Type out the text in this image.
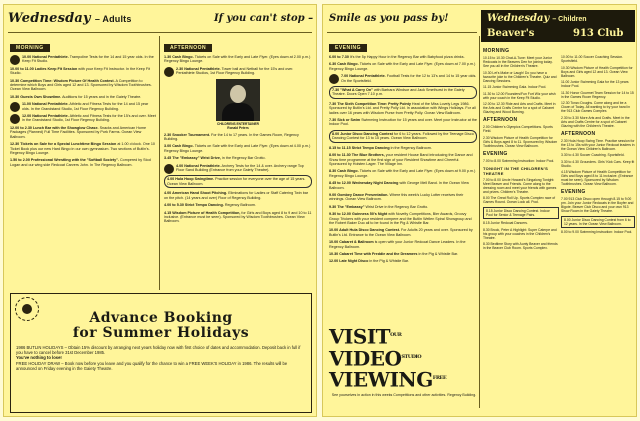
Wednesday – Adults	If you can't stop –
MORNING
10.00 National Pentathlete. Trampoline Tests for the 14 and 15 year olds. In the Keep Fit Studio.
10.00 to 11.00 Ladies Keep Fit Session with your Keep Fit Instructor. In the Keep Fit Studio.
10.30 Competition Time: Wisdom Picture Of Health Contest. A Competition to determine which Boys and Girls aged 12 and 13. Sponsored by Wisdom Toothbrushes. Ocean View Ballroom.
10.30 Guests Own Showtime. Auditions for 15 years and in the Gaiety Theatre.
11.00 National Pentathlete. Athletic and Fitness Tests for the 14 and 15 year olds. In the Grandstand Studio, 1st Floor Regency Building.
12.00 National Pentathlete. Athletic and Fitness Tests for the 15's and over. Meet in the Grandstand Studio, 1st Floor Regency Building.
12.00 to 2.30 Lunch Bar with the Showglow Chase. Snacks and American Home Packages (Planned) Full Time Facilities. Sponsored by Pork Farms. Ocean View Ballroom.
12.30 Tickets on Sale for a Special Lunchtime Bingo Session at 1.00 o'clock. One 10 Ticket Book plus our new Hard Bingo in our own gymnasium. Two sections of Butlin's. Regency Bingo Lounge.
1.50 to 2.00 Professional Wrestling with the "Softball Society". Compered by Stod Logan and our wing side Redcoat Carvers John. In The Regency Ballroom.
AFTERNOON
1.30 Cash Bingo. Tickets on Sale with the Early and Late Flyer. (Eyes down at 2.00 p.m.) Regency Bingo Lounge.
2.30 National Pentathlete. Tower ball and Netball for the 15's and over. Pentathlete Studios, 1st Floor Regency Building.
CHILDRENS ENTERTAINER
Ronald Peters
2.30 Snooker Tournament. For the 14 to 17 years. In the Games Room, Regency Building.
3.00 Cash Bingo. Tickets on Sale with the Early and Late Flyer. (Eyes down at 4.00 p.m.) Regency Bingo Lounge.
3.45 The "Embassy" Wrist Drive, in the Regency Bar Grotto.
4.00 National Pentathlete. Archery Tests for the 14 & over. Archery range Top Floor Sand Building (Entrance from your Gaiety Theatre).
4.00 Hula Hoop Swingtime. Practice session for everyone over the age of 15 years. Ocean View Ballroom.
4.00 American Hand Shoot Pitching. Eliminations for Ladies or Staff Catering Twin bar on the pitch. (14 years and over) Floor of Regency Building.
4.00 to 5.30 Strict Tempo Dancing. Regency Ballroom.
4.15 Wisdom Picture of Health Competition, for Girls and Boys aged 8 to 9 and 10 to 11 inclusive. (Entrance must be seen). Sponsored by Wisdom Toothbrushes. Ocean View Ballroom.
Advance Booking
for Summer Holidays
1986 BUTLIN HOLIDAYS – Obtain 15% discount by arranging next years holiday now with first choice of dates and accommodation. Deposit back in full if you have to cancel before 31st December 1985.
You've nothing to lose!
FREE HOLIDAY DRAW – Book now before you leave and you qualify for the chance to win a FREE WEEK'S HOLIDAY in 1986. The results will be announced on Friday evening in the Gaiety Theatre.
Smile as you pass by!
EVENING
6.00 to 7.30 It's the 5p Happy Hour in the Regency Bar with Babyfood pizza drinks.
6.30 Cash Bingo. Tickets on Sale with the Early and Late Flyer. (Eyes down at 7.00 p.m.) Regency Bingo Lounge.
7.00 National Pentathlete. Football Tests for the 12 to 13's and 14 to 15 year olds. On the Sportsfield.
7.30 "What A Carry On" with Barbara Windsor and Jack Smethurst in the Gaiety Theatre. Doors Open 7.10 p.m.
7.30 The Sixth Competition Time: Pretty Pointy Heat of the Miss Lovely Legs 1986. Sponsored by Butlin's Ltd. and Pretty Polly Ltd. In association with Wings Holidays. For all ladies over 16 years with Wisdom Purse from Pretty Polly. Ocean View Ballroom.
7.30 Sick or Swim Swimming Instruction for 15 years and over. Meet your Instructor at the Indoor Pool.
8.00 Junior Disco Dancing Contest for 6 to 12 years. Followed by the Teenage Disco Dancing Contest for 13 to 15 years. Ocean View Ballroom.
8.15 to 11.15 Strict Tempo Dancing in the Regency Ballroom.
8.00 to 11.30 The Blue Brothers, your resident House Band introducing the Dance and Show time programme at the first sign of your Resident Showtime and Cheerful. Sponsored by Holsten Lager. The Village Inn.
8.30 Cash Bingo. Tickets on Sale with the Early and Late Flyer. (Eyes down at 9.00 p.m.) Regency Bingo Lounge.
8.45 to 12.00 Wednesday Night Dancing with George Mell Band. In the Ocean View Ballroom.
9.00 Gombey Dance Presentation. Where this week's Lucky Lotter receives their winnings. Ocean View Ballroom.
9.30 The "Embassy" Wrist Drive in the Regency Bar Grotto.
9.30 to 12.00 Guinness 50's Night with Novelty Competitions, Bier Awards, Groovy Group Trickers with your resident compere and the Butlin Wellen Spiral Showgroup and the Robert Baker Duo all to be found in the Pig & Whistle Bar.
10.00 Adult Hula Disco Dancing Contest. For Adults 20 years and over. Sponsored by Butlin's Ltd. Entrance to the Ocean View Ballroom.
10.00 Cabaret & Ballroom is open with your Junior Redcoat Dance Leaders. In the Regency Ballroom.
10.30 Cabaret Time with Freddie and the Dreamers in the Pig & Whistle Bar.
12.00 Late Night Disco in the Pig & Whistle Bar.
$VISIT^{OUR}$
$VIDEO^{STUDIO}$
$VIEWING^{FREE}$
See yourselves in action in this weeks Competitions and other activities. Regency Building.
Wednesday – Children
Beaver's	913 Club
MORNING
10.15 to 10.30 Chat-A-Tune: Meet your Junior Redcoats in the Beavers Den for joining today. See you all in the Children's Theatre.
10.30 Let's Make or Laugh! Do you have a favourite joke to the Children's Theatre. Quiz and Dancing Sessions.
11.15 Junior Swimming Gala. Indoor Pool.
11.30 to 12.00 Rounders/Fun Fort Wiz your wish with your coach in the Keep Fit Studio.
12.00 to 12.30 Ride and Arts and Crafts. Meet in the Arts and Crafts Centre for a spot of Cabaret Glazing and Wood Burning.
AFTERNOON
2.00 Children's Olympics Competitions. Sports Field.
2.30 Wisdom Picture of Health Competition for Girls & Boys aged 8 to 11. Sponsored by Wisdom Toothbrushes. Ocean View Ballroom.
EVENING
7.00 to 8.00 Swimming Instruction: Indoor Pool.
TONIGHT IN THE CHILDREN'S THEATRE
7.00 to 8.00 Uncle Howard's Singalong Tonight: Meet Beaver and Friends. Come along to the dressing room and meet your friends with games and prizes. Children's Theatre.
8.00 The Great Roll Up. Sports Complex race of Games Round. Ocean Look all. Pool.
8.15 Junior Disco Dancing Contest. Indoor Pool for Senior & Teenage Pairs.
8.15 Junior Redcoat Dancers.
8.30 Brock, Peter A Highlight: Super Caterpe and his group with your coaches in the Children's Theatre.
8.30 Bedtime Story with Aunty Beaver and friends in the Beaver Club Room. Sports Complex.
10.00 to 11.00 Soccer Coaching Session. Sportsfield.
10.30 Wisdom Picture of Health Competition for Boys and Girls aged 12 and 13. Ocean View Ballroom.
11.00 Junior Swimming Gala for the 13 years Indoor Pool.
11.30 Honor Gourmet Team Session for 14 to 15 in the Games Room Regency.
12.30 Tonzo Doughs. Come along and be a Clown of Today. All wanting to try your hand in the 913 Club Games Complex.
2.30 to 3.30 More Arts and Crafts. Meet in the Arts and Crafts Centre for a spot of Cabaret Glazing with the Children's Theatre.
AFTERNOON
2.30 Hula Hoop Swing Time. Practice session for the 13 to 15s with your Junior Redcoat leaders in the Ocean View Children's Ballroom.
3.30 to 4.30 Soccer Coaching. Sportsfield.
3.30 to 4.30 Grounders. Girls' Kick Cars. Keep fit Studio.
4.15 Wisdom Picture of Health Competition for Girls and Boys aged 8 to 11 inclusive. (Entrance must be seen). Sponsored by Wisdom Toothbrushes. Ocean View Ballroom.
EVENING
7.00 913 Club Disco open through 8.15 to 9.00 pm. Join your Junior Redcoats in the Boyfer and Bigote. Beaver Club Disco and your own 913 Show Room in the Gaiety Theatre.
8.00 Junior Disco Dancing Contest from 6 to 12 years. In the Ocean View Ballroom.
8.00 to 9.00 Swimming Instruction: Indoor Pool.
